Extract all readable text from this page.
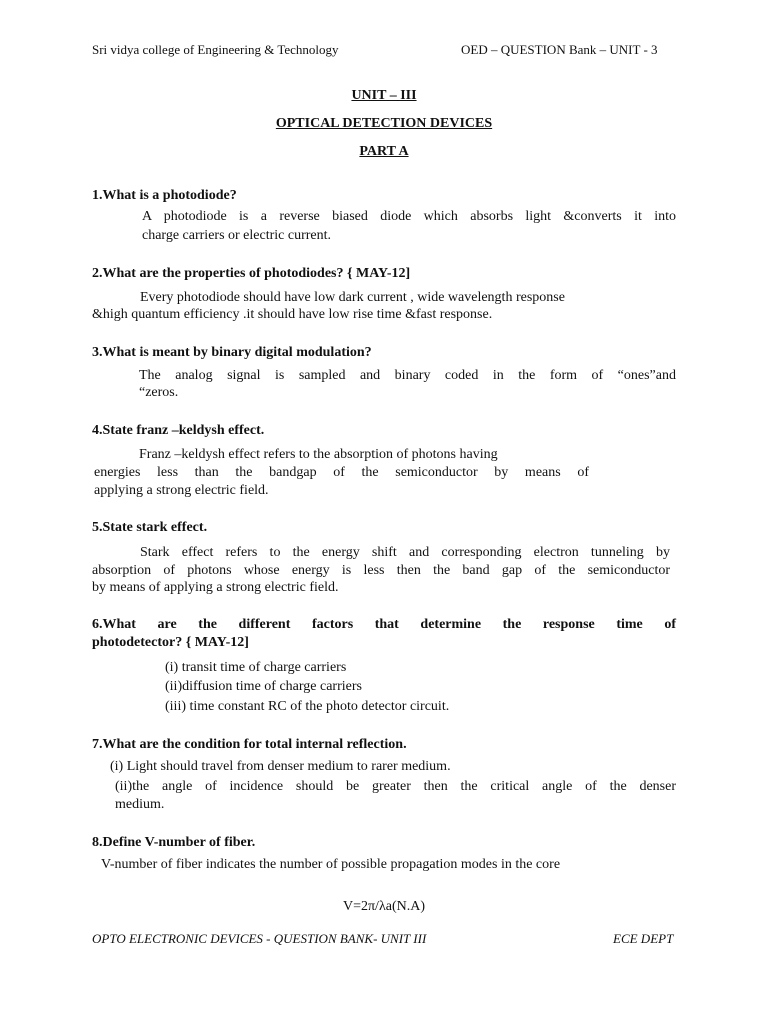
Sri vidya college of Engineering & Technology	OED – QUESTION Bank – UNIT - 3
UNIT – III
OPTICAL DETECTION DEVICES
PART A
1.What is a photodiode?
A photodiode is a reverse biased diode which absorbs light &converts it into
charge carriers or electric current.
2.What are the properties of photodiodes? { MAY-12]
Every photodiode should have low dark current , wide wavelength response
&high quantum efficiency .it should have low rise time &fast response.
3.What is meant by binary digital modulation?
The analog signal is sampled and binary coded in the form of “ones”and
“zeros.
4.State franz –keldysh effect.
Franz –keldysh effect refers to the absorption of photons having
energies less than the bandgap of the semiconductor by means of
applying a strong electric field.
5.State stark effect.
Stark effect refers to the energy shift and corresponding electron tunneling by
absorption of photons whose energy is less then the band gap of the semiconductor
by means of applying a strong electric field.
6.What are the different factors that determine the response time of
photodetector? { MAY-12]
(i) transit time of charge carriers
(ii)diffusion time of charge carriers
(iii) time constant RC of the photo detector circuit.
7.What are the condition for total internal reflection.
(i) Light should travel from denser medium to rarer medium.
(ii)the angle of incidence should be greater then the critical angle of the denser
medium.
8.Define V-number of fiber.
V-number of fiber indicates the number of possible propagation modes in the core
V=2π/λa(N.A)
OPTO ELECTRONIC DEVICES - QUESTION BANK- UNIT III	ECE DEPT
